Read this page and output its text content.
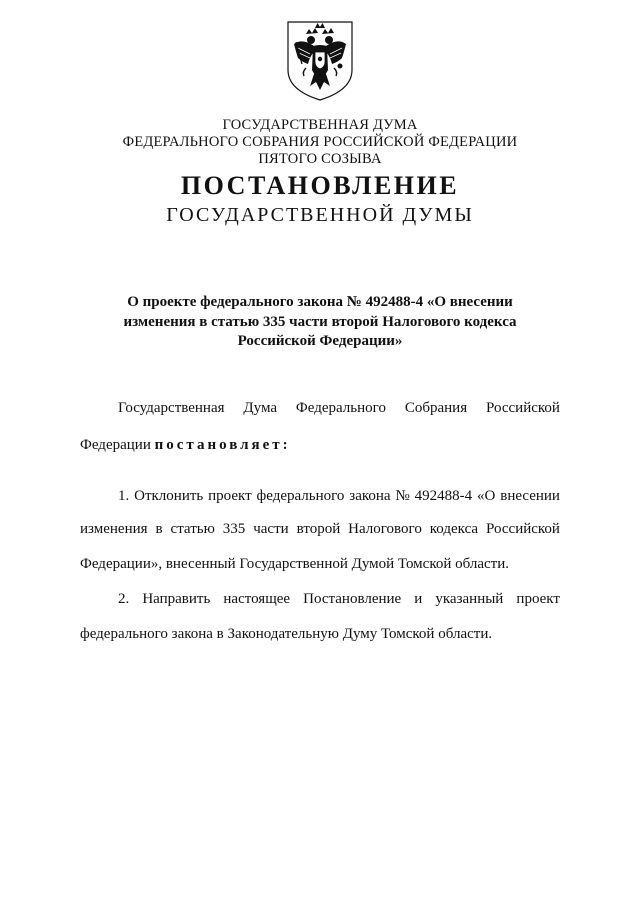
ГОСУДАРСТВЕННАЯ ДУМА
ФЕДЕРАЛЬНОГО СОБРАНИЯ РОССИЙСКОЙ ФЕДЕРАЦИИ
ПЯТОГО СОЗЫВА
ПОСТАНОВЛЕНИЕ
ГОСУДАРСТВЕННОЙ ДУМЫ
О проекте федерального закона № 492488-4 «О внесении
изменения в статью 335 части второй Налогового кодекса
Российской Федерации»
Государственная Дума Федерального Собрания Российской
Федерации постановляет:
1. Отклонить проект федерального закона № 492488-4 «О внесении
изменения в статью 335 части второй Налогового кодекса Российской
Федерации», внесенный Государственной Думой Томской области.
2. Направить настоящее Постановление и указанный проект
федерального закона в Законодательную Думу Томской области.
